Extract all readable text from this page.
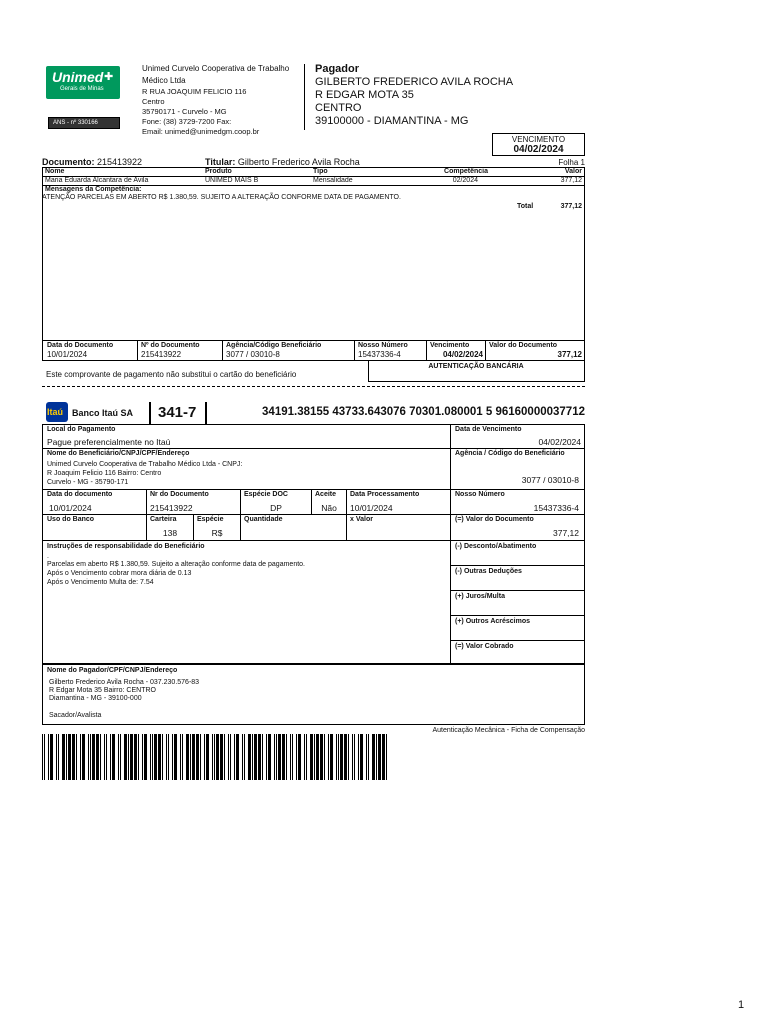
Unimed ✚
Gerais de Minas
ANS - nº 330166
Unimed Curvelo Cooperativa de Trabalho
Médico Ltda
R RUA JOAQUIM FELICIO 116
Centro
35790171 - Curvelo - MG
Fone: (38) 3729-7200 Fax:
Email: unimed@unimedgm.coop.br
Pagador
GILBERTO FREDERICO AVILA ROCHA
R EDGAR MOTA 35
CENTRO
39100000 - DIAMANTINA - MG
VENCIMENTO
04/02/2024
Documento: 215413922	Titular: Gilberto Frederico Avila Rocha	Folha 1
Nome	Produto	Tipo	Competência	Valor
Maria Eduarda Alcantara de Avila	UNIMED MAIS B	Mensalidade	02/2024	377,12
Mensagens da Competência:
ATENÇÃO PARCELAS EM ABERTO R$ 1.380,59. SUJEITO A ALTERAÇÃO CONFORME DATA DE PAGAMENTO.
Total	377,12
Data do Documento	Nº do Documento	Agência/Código Beneficiário	Nosso Número	Vencimento	Valor do Documento
10/01/2024	215413922	3077 / 03010-8	15437336-4	04/02/2024	377,12
Este comprovante de pagamento não substitui o cartão do beneficiário
AUTENTICAÇÃO BANCÁRIA
Itaú Banco Itaú SA 341-7	34191.38155 43733.643076 70301.080001 5 96160000037712
Local do Pagamento
Pague preferencialmente no Itaú
Data de Vencimento
04/02/2024
Nome do Beneficiário/CNPJ/CPF/Endereço
Unimed Curvelo Cooperativa de Trabalho Médico Ltda - CNPJ:
R Joaquim Felicio 116 Bairro: Centro
Curvelo - MG - 35790-171
Agência / Código do Beneficiário
3077 / 03010-8
Data do documento
10/01/2024
Nr do Documento
215413922
Espécie DOC
DP
Aceite
Não
Data Processamento
10/01/2024
Nosso Número
15437336-4
Uso do Banco	Carteira
138
Espécie
R$
Quantidade	x Valor	(=) Valor do Documento
377,12
Instruções de responsabilidade do Beneficiário
.
Parcelas em aberto R$ 1.380,59. Sujeito a alteração conforme data de pagamento.
Após o Vencimento cobrar mora diária de 0.13
Após o Vencimento Multa de: 7.54
(-) Desconto/Abatimento
(-) Outras Deduções
(+) Juros/Multa
(+) Outros Acréscimos
(=) Valor Cobrado
Nome do Pagador/CPF/CNPJ/Endereço
Gilberto Frederico Avila Rocha - 037.230.576-83
R Edgar Mota 35 Bairro: CENTRO
Diamantina - MG - 39100-000
Sacador/Avalista
Autenticação Mecânica - Ficha de Compensação
1
